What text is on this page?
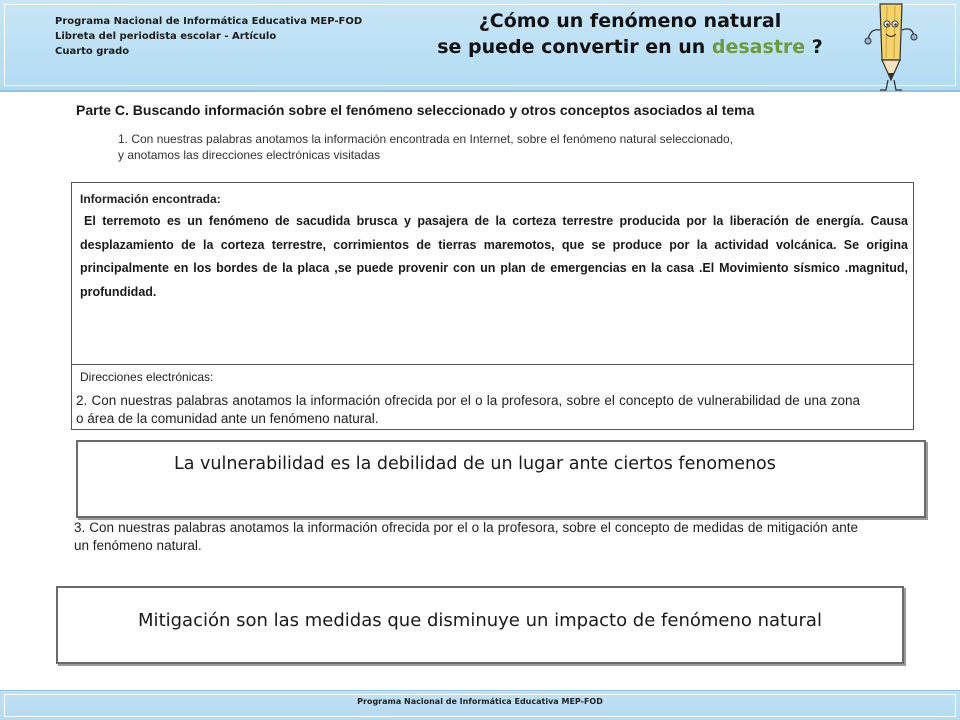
Programa Nacional de Informática Educativa MEP-FOD
Libreta del periodista escolar - Artículo
Cuarto grado
¿Cómo un fenómeno natural
se puede convertir en un desastre ?
Parte C. Buscando información sobre el fenómeno seleccionado y otros conceptos asociados al tema
1. Con nuestras palabras anotamos la información encontrada en Internet, sobre el fenómeno natural seleccionado,
y anotamos las direcciones electrónicas visitadas
Información encontrada:
El terremoto es un fenómeno de sacudida brusca y pasajera de la corteza terrestre producida por la liberación de energía. Causa desplazamiento de la corteza terrestre, corrimientos de tierras maremotos, que se produce por la actividad volcánica. Se origina principalmente en los bordes de la placa ,se puede provenir con un plan de emergencias en la casa .El Movimiento sísmico .magnitud, profundidad.
Direcciones electrónicas:
2. Con nuestras palabras anotamos la información ofrecida por el o la profesora, sobre el concepto de vulnerabilidad de una zona o área de la comunidad ante un fenómeno natural.
La vulnerabilidad es la debilidad de un lugar ante ciertos fenomenos
3. Con nuestras palabras anotamos la información ofrecida por el o la profesora, sobre el concepto de medidas de mitigación ante un fenómeno natural.
Mitigación son las medidas que disminuye un impacto de fenómeno natural
Programa Nacional de Informática Educativa MEP-FOD
